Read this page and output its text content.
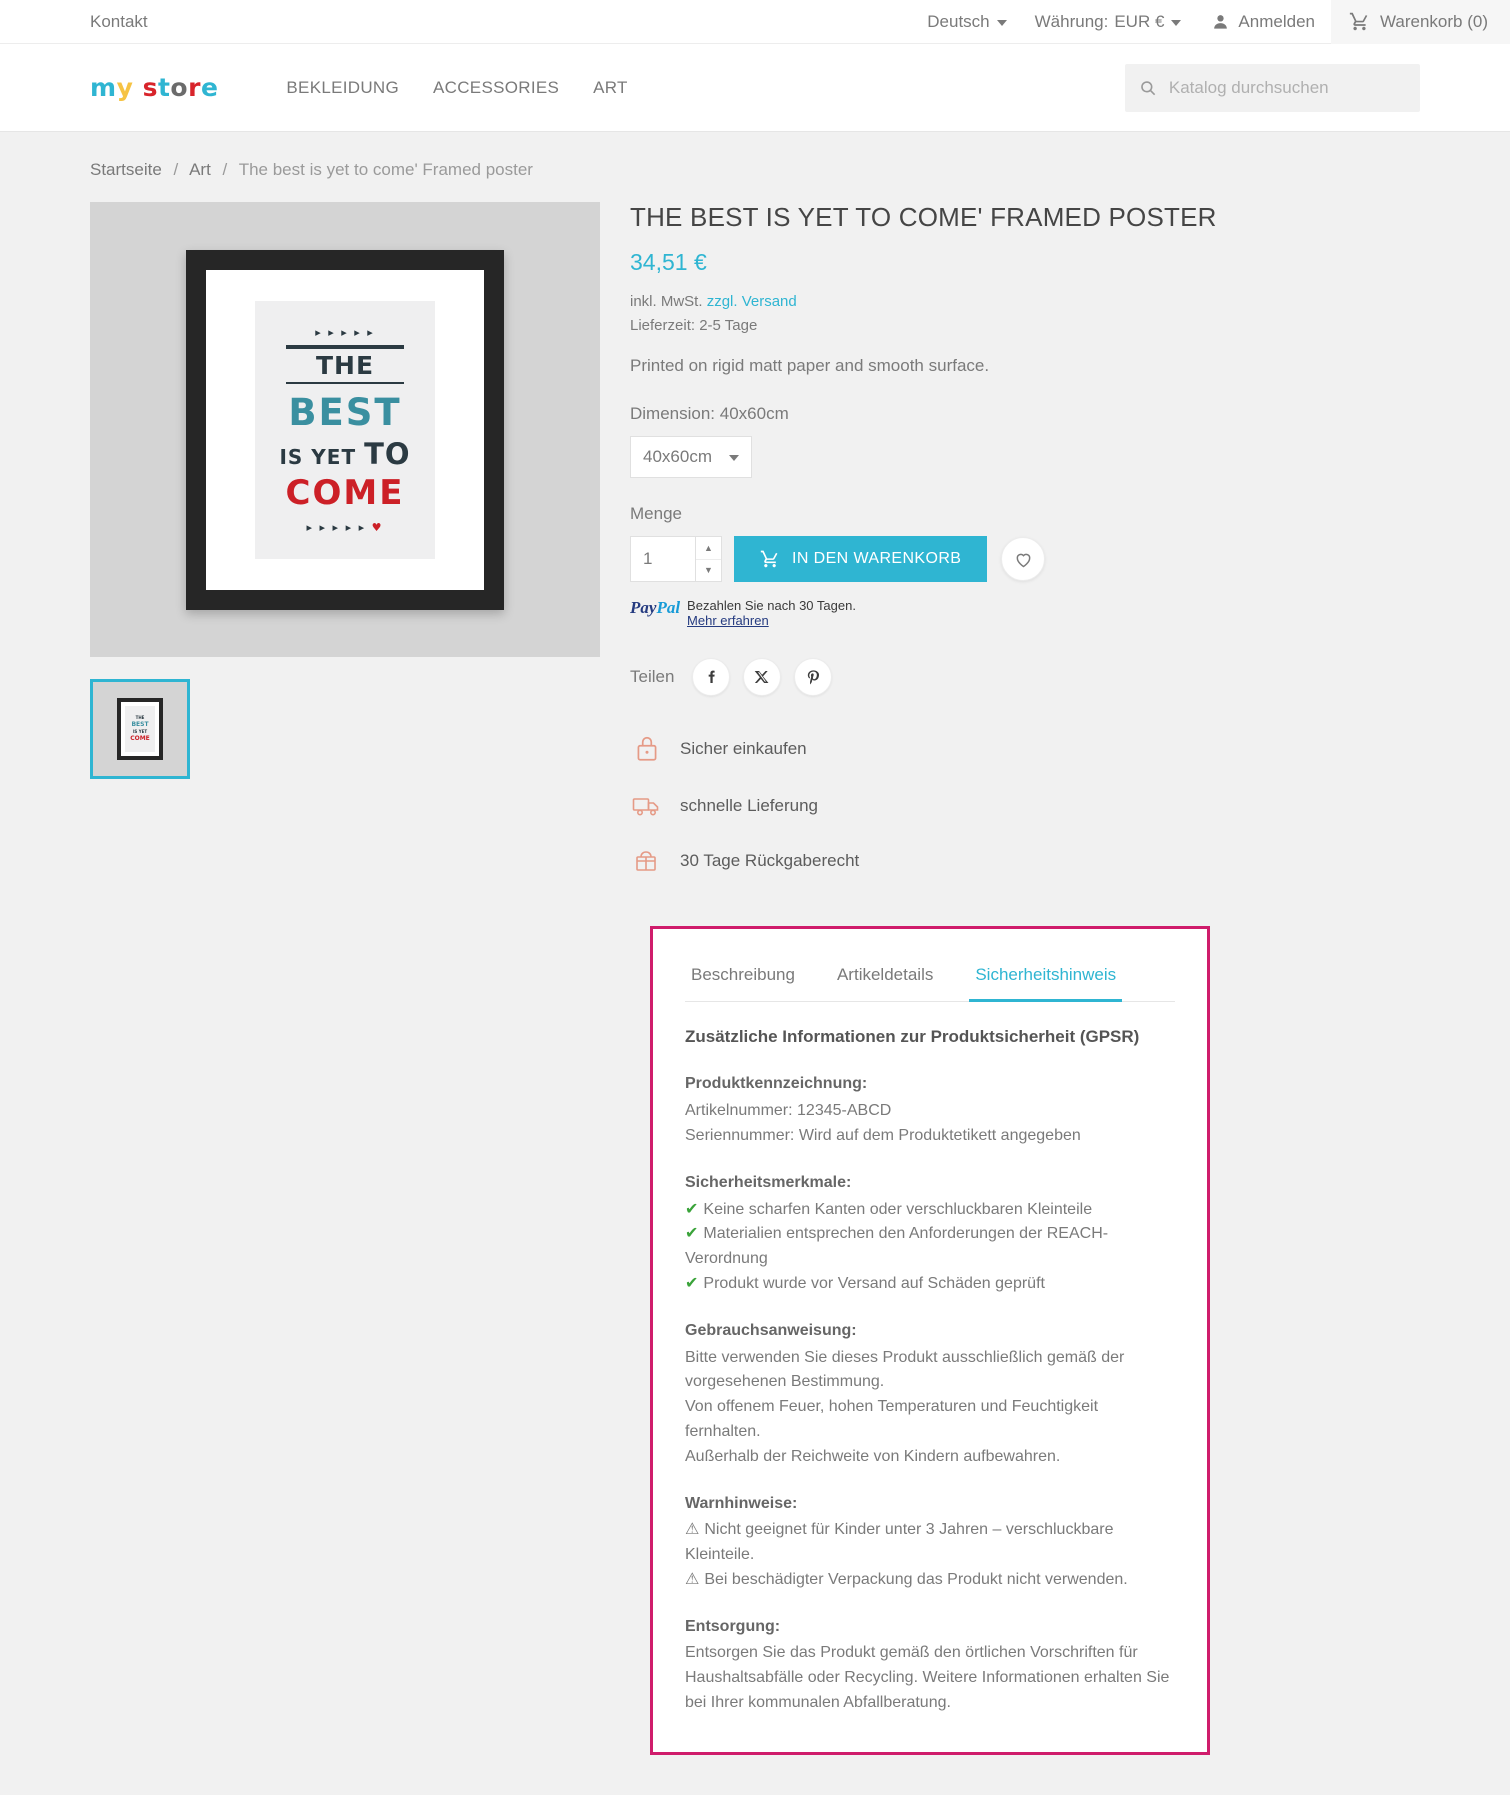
Kontakt	Deutsch	Währung: EUR €	Anmelden	Warenkorb (0)
my store	BEKLEIDUNG ACCESSORIES ART
Katalog durchsuchen
Startseite / Art / The best is yet to come' Framed poster
▸ ▸ ▸ ▸ ▸
THE
BEST
IS YET TO
COME
▸ ▸ ▸ ▸ ▸ ♥
THE
BEST
IS YET
COME
THE BEST IS YET TO COME' FRAMED POSTER
34,51 €
inkl. MwSt. zzgl. Versand
Lieferzeit: 2-5 Tage
Printed on rigid matt paper and smooth surface.
Dimension: 40x60cm
40x60cm
Menge
1
▲
▼
IN DEN WARENKORB
PayPal Bezahlen Sie nach 30 Tagen.
Mehr erfahren
Teilen
Sicher einkaufen
schnelle Lieferung
30 Tage Rückgaberecht
Beschreibung	Artikeldetails	Sicherheitshinweis
Zusätzliche Informationen zur Produktsicherheit (GPSR)
Produktkennzeichnung:

Artikelnummer: 12345-ABCD

Seriennummer: Wird auf dem Produktetikett angegeben

Sicherheitsmerkmale:

✔ Keine scharfen Kanten oder verschluckbaren Kleinteile

✔ Materialien entsprechen den Anforderungen der REACH-Verordnung

✔ Produkt wurde vor Versand auf Schäden geprüft

Gebrauchsanweisung:

Bitte verwenden Sie dieses Produkt ausschließlich gemäß der vorgesehenen Bestimmung.

Von offenem Feuer, hohen Temperaturen und Feuchtigkeit fernhalten.

Außerhalb der Reichweite von Kindern aufbewahren.

Warnhinweise:

⚠ Nicht geeignet für Kinder unter 3 Jahren – verschluckbare Kleinteile.

⚠ Bei beschädigter Verpackung das Produkt nicht verwenden.

Entsorgung:

Entsorgen Sie das Produkt gemäß den örtlichen Vorschriften für Haushaltsabfälle oder Recycling. Weitere Informationen erhalten Sie bei Ihrer kommunalen Abfallberatung.
